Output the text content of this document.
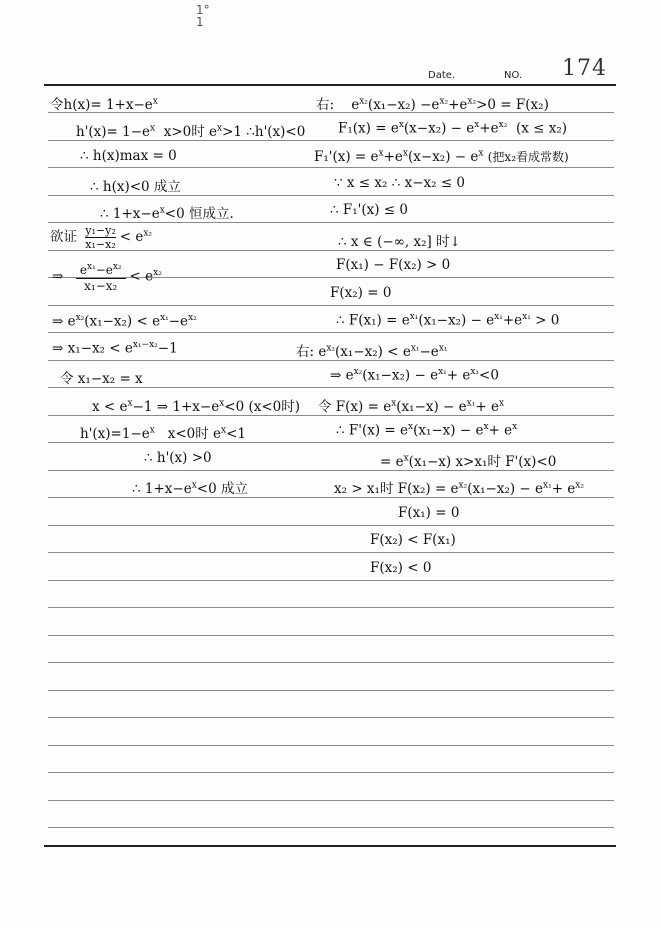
1°
1
Date.	NO. 174
令$h(x)= 1+x-e^x$
$h'(x)= 1-e^x$ x>0时 $e^x>1$ ∴h'(x)<0
∴ h(x)max = 0
∴ h(x)<0 成立
∴ $1+x-e^x<0$ 恒成立.
欲证 $\frac{\text{y₁−y₂}}{\text{x₁−x₂}} < e^{x_2}$
⇒ $\frac{e^{x_1}-e^{x_2}}{\text{x₁−x₂}} < e^{x_2}$
⇒ $e^{x_2}(x_1-x_2) < e^{x_1}-e^{x_2}$
⇒ $x_1-x_2 < e^{x_1-x_2}-1$
令 x₁−x₂ = x
$x < e^x-1$ ⇒ $1+x-e^x<0$ (x<0时)
$h'(x)=1-e^x$ x<0时 $e^x<1$
∴ h'(x) >0
∴ $1+x-e^x<0$ 成立
右: $e^{x_2}(x_1-x_2) -e^{x_2}+e^{x_2}>0 = F(x_2)$
$F_1(x) = e^x(x-x_2) - e^x+e^{x_2}$ (x ≤ x₂)
$F_1'(x) = e^x+e^x(x-x_2) - e^x$ (把x₂看成常数)
∵ x ≤ x₂ ∴ x−x₂ ≤ 0
∴ F₁'(x) ≤ 0
∴ x ∈ (−∞, x₂] 时↓
F(x₁) − F(x₂) > 0
F(x₂) = 0
∴ $F(x_1) = e^{x_1}(x_1-x_2) - e^{x_1}+e^{x_1} > 0$
右: $e^{x_2}(x_1-x_2) < e^{x_1}-e^{x_1}$
⇒ $e^{x_2}(x_1-x_2) - e^{x_1}+ e^{x_1}<0$
令 $F(x) = e^x(x_1-x) - e^{x_1}+ e^x$
∴ $F'(x) = e^x(x_1-x) - e^x+ e^x$
= $e^x(x_1-x)$ x>x₁时 F'(x)<0
x₂ > x₁时 $F(x_2) = e^{x_2}(x_1-x_2) - e^{x_1}+ e^{x_2}$
F(x₁) = 0
F(x₂) < F(x₁)
F(x₂) < 0
